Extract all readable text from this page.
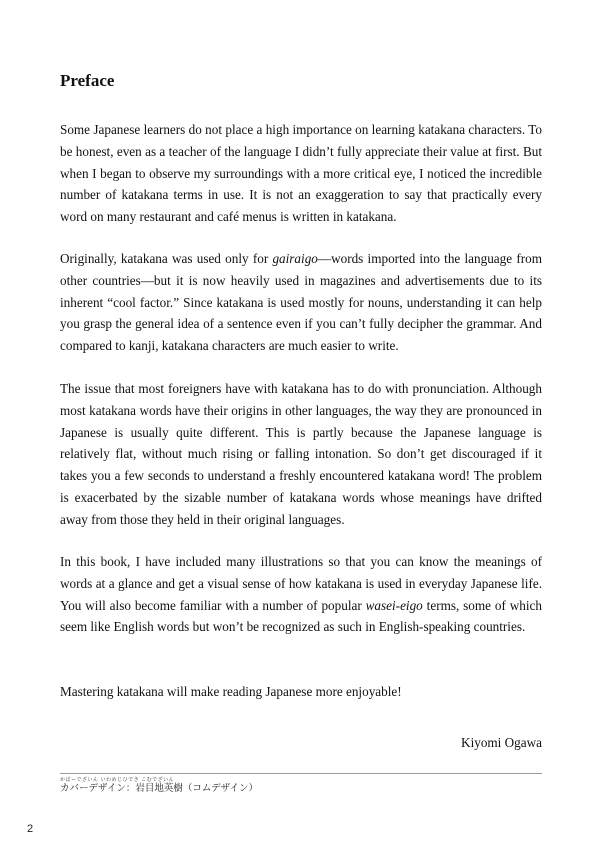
Preface

Some Japanese learners do not place a high importance on learning katakana characters. To be honest, even as a teacher of the language I didn’t fully appreciate their value at first. But when I began to observe my surroundings with a more critical eye, I noticed the incredible number of katakana terms in use. It is not an exaggeration to say that practically every word on many restaurant and café menus is written in katakana.

Originally, katakana was used only for gairaigo—words imported into the language from other countries—but it is now heavily used in magazines and advertisements due to its inherent “cool factor.” Since katakana is used mostly for nouns, understanding it can help you grasp the general idea of a sentence even if you can’t fully decipher the grammar. And compared to kanji, katakana characters are much easier to write.

The issue that most foreigners have with katakana has to do with pronunciation. Although most katakana words have their origins in other languages, the way they are pronounced in Japanese is usually quite different. This is partly because the Japanese language is relatively flat, without much rising or falling intonation. So don’t get discouraged if it takes you a few seconds to understand a freshly encountered katakana word! The problem is exacerbated by the sizable number of katakana words whose meanings have drifted away from those they held in their original languages.

In this book, I have included many illustrations so that you can know the meanings of words at a glance and get a visual sense of how katakana is used in everyday Japanese life. You will also become familiar with a number of popular wasei-eigo terms, some of which seem like English words but won’t be recognized as such in English-speaking countries.

Mastering katakana will make reading Japanese more enjoyable!

Kiyomi Ogawa

かばーでざいん いわめじひでき こむでざいん
カバーデザイン：岩目地英樹（コムデザイン）
2
